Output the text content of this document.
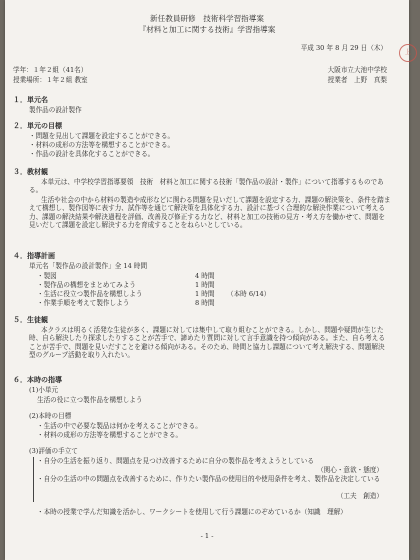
新任教員研修　技術科学習指導案
『材料と加工に関する技術』学習指導案
平成 30 年 8 月 29 日（木）
上
学年：１年２組（41名）
授業場所：１年２組 教室
大阪市立大池中学校
授業者　上野　真梨
１．単元名
製作品の設計製作
２．単元の目標
・問題を見出して課題を設定することができる。
・材料の成形の方法等を構想することができる。
・作品の設計を具体化することができる。
３．教材観
本単元は、中学校学習指導要領　技術　材料と加工に関する技術「製作品の設計・製作」について指導するものである。
生活や社会の中から材料の製造や成形などに関わる問題を見いだして課題を設定する力、課題の解決策を、条件を踏まえて構想し、製作図等に表す力、試作等を通じて解決策を具体化する力、設計に基づく合理的な解決作業について考える力、課題の解決結果や解決過程を評価、改善及び修正する力など、材料と加工の技術の見方・考え方を働かせて、問題を見いだして課題を設定し解決する力を育成することをねらいとしている。
４．指導計画
単元名「製作品の設計製作」全 14 時間
・製図	4 時間
・製作品の構想をまとめてみよう	1 時間
・生活に役立つ製作品を構想しよう	1 時間 （本時 6/14）
・作業手順を考えて製作しよう	8 時間
５．生徒観
本クラスは明るく活発な生徒が多く、課題に対しては集中して取り組むことができる。しかし、問題や疑問が生じた時、自ら解決したり探求したりすることが苦手で、諦めたり質問に対して言手意識を持つ傾向がある。また、自ら考えることが苦手で、問題を見いだすことを避ける傾向がある。そのため、時間と協力し課題について考え解決する、問題解決型のグループ活動を取り入れたい。
６．本時の指導
(1)小単元
生活の役に立つ製作品を構想しよう
(2)本時の目標
・生活の中で必要な製品は何かを考えることができる。
・材料の成形の方法等を構想することができる。
(3)評価の手立て
・自分の生活を振り返り、問題点を見つけ改善するために自分の製作品を考えようとしている
（関心・意欲・態度）
・自分の生活の中の問題点を改善するために、作りたい製作品の使用目的や使用条件を考え、製作品を決定している
（工夫　創造）
・本時の授業で学んだ知識を活かし、ワークシートを使用して行う課題にのぞめているか（知識　理解）
- 1 -
